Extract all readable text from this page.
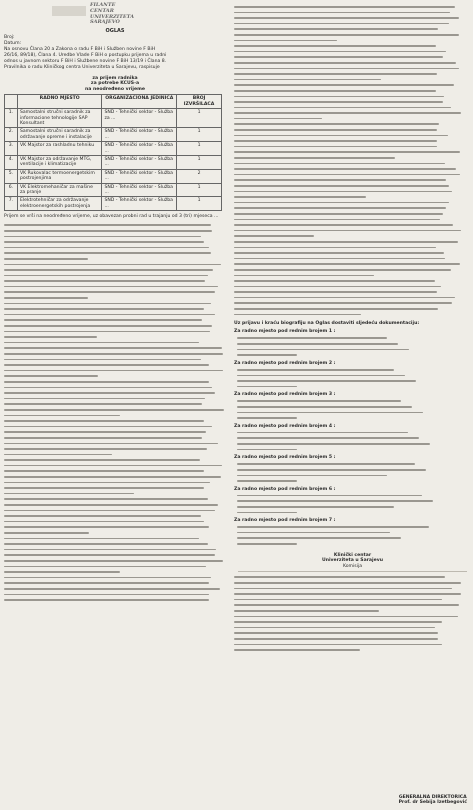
FILANTE
CENTAR
UNIVERZITETA
SARAJEVO
OGLAS
Broj:
Datum:
Na osnovu Člana 20 a Zakona o radu F BiH i Služben novine F BiH
26/16, 89/18), Člana 4. Uredbe Vlade F BiH o postupku prijema u radni
odnos u javnom sektoru F BiH i Službene novine F BiH 13/19 i Člana 8.
Pravilnika o radu Kliničkog centra Univerziteta u Sarajevu, raspisuje
za prijem radnika
za potrebe KCUS-a
na neodređeno vrijeme
	RADNO MJESTO	ORGANIZACIONA JEDINICA	BROJ IZVRŠILACA
1.	Samostalni stručni saradnik za informacione tehnologije SAP Konsultant	SND - Tehnički sektor - Služba za ...	1
2.	Samostalni stručni saradnik za održavanje opreme i instalacije	SND - Tehnički sektor - Služba ...	1
3.	VK Majstor za rashladnu tehniku	SND - Tehnički sektor - Služba ...	1
4.	VK Majstor za održavanje MTG, ventilacije i klimatizacije	SND - Tehnički sektor - Služba ...	1
5.	VK Rukovalac termoenergetskim postrojenjima	SND - Tehnički sektor - Služba ...	2
6.	VK Elektromehaničar za mašine za pranje	SND - Tehnički sektor - Služba ...	1
7.	Elektrotehničar za održavanje elektroenergetskih postrojenja	SND - Tehnički sektor - Služba ...	1
Prijem se vrši na neodređeno vrijeme, uz obavezan probni rad u trajanju od 3 (tri) mjeseca ...
Uz prijavu i kraću biografiju na Oglas dostaviti sljedeću dokumentaciju:
Za radno mjesto pod rednim brojem 1 :
Za radno mjesto pod rednim brojem 2 :
Za radno mjesto pod rednim brojem 3 :
Za radno mjesto pod rednim brojem 4 :
Za radno mjesto pod rednim brojem 5 :
Za radno mjesto pod rednim brojem 6 :
Za radno mjesto pod rednim brojem 7 :
Klinički centar
Univerziteta u Sarajevu
Komisija
GENERALNA DIREKTORICA
Prof. dr Sebija Izetbegović
